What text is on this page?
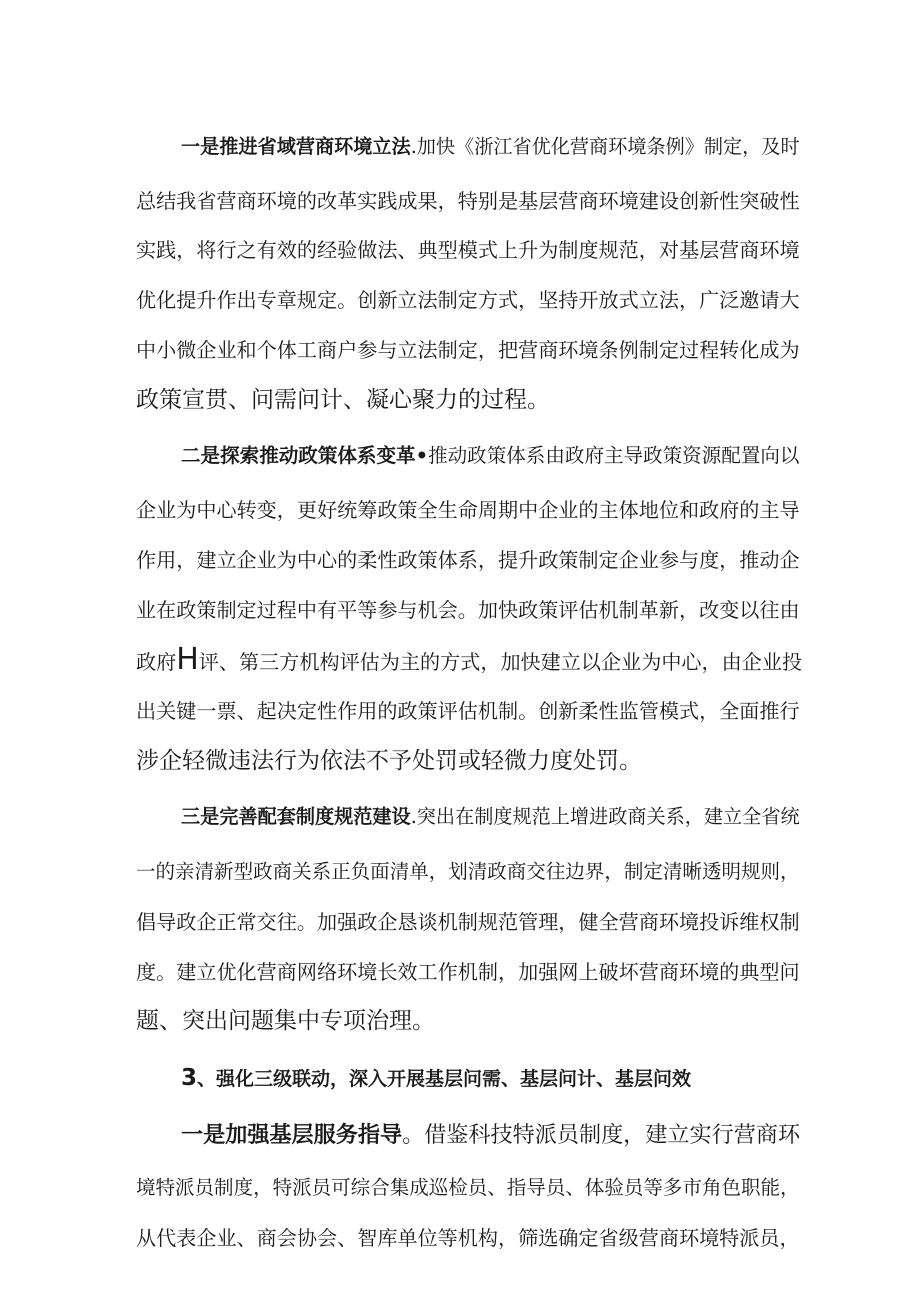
一是推进省域营商环境立法.加快《浙江省优化营商环境条例》制定，及时

总结我省营商环境的改革实践成果，特别是基层营商环境建设创新性突破性

实践，将行之有效的经验做法、典型模式上升为制度规范，对基层营商环境

优化提升作出专章规定。创新立法制定方式，坚持开放式立法，广泛邀请大

中小微企业和个体工商户参与立法制定，把营商环境条例制定过程转化成为

政策宣贯、问需问计、凝心聚力的过程。

二是探索推动政策体系变革•推动政策体系由政府主导政策资源配置向以

企业为中心转变，更好统筹政策全生命周期中企业的主体地位和政府的主导

作用，建立企业为中心的柔性政策体系，提升政策制定企业参与度，推动企

业在政策制定过程中有平等参与机会。加快政策评估机制革新，改变以往由

政府H评、第三方机构评估为主的方式，加快建立以企业为中心，由企业投

出关键一票、起决定性作用的政策评估机制。创新柔性监管模式，全面推行

涉企轻微违法行为依法不予处罚或轻微力度处罚。

三是完善配套制度规范建设.突出在制度规范上增进政商关系，建立全省统

一的亲清新型政商关系正负面清单，划清政商交往边界，制定清晰透明规则，

倡导政企正常交往。加强政企恳谈机制规范管理，健全营商环境投诉维权制

度。建立优化营商网络环境长效工作机制，加强网上破坏营商环境的典型问

题、突出问题集中专项治理。

3、强化三级联动，深入开展基层问需、基层问计、基层问效

一是加强基层服务指导。借鉴科技特派员制度，建立实行营商环

境特派员制度，特派员可综合集成巡检员、指导员、体验员等多市角色职能，

从代表企业、商会协会、智库单位等机构，筛选确定省级营商环境特派员，
